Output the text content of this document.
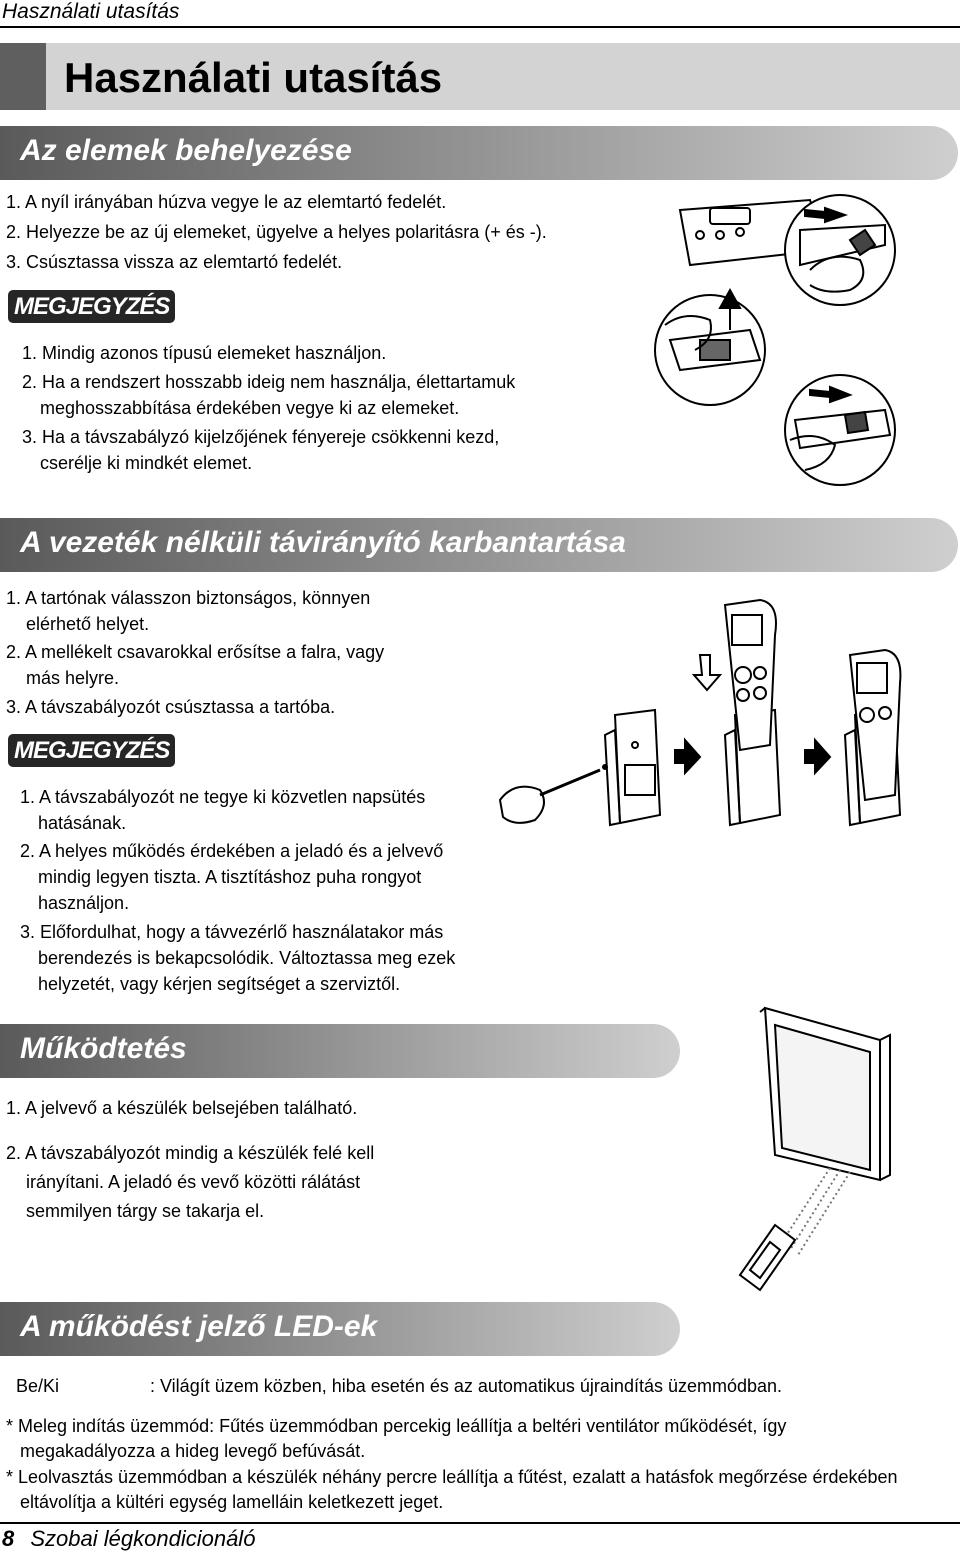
Használati utasítás
Használati utasítás
Az elemek behelyezése
1. A nyíl irányában húzva vegye le az elemtartó fedelét.
2. Helyezze be az új elemeket, ügyelve a helyes polaritásra (+ és -).
3. Csúsztassa vissza az elemtartó fedelét.
MEGJEGYZÉS
1. Mindig azonos típusú elemeket használjon.
2. Ha a rendszert hosszabb ideig nem használja, élettartamuk
meghosszabbítása érdekében vegye ki az elemeket.
3. Ha a távszabályzó kijelzőjének fényereje csökkenni kezd,
cserélje ki mindkét elemet.
A vezeték nélküli távirányító karbantartása
1. A tartónak válasszon biztonságos, könnyen
elérhető helyet.
2. A mellékelt csavarokkal erősítse a falra, vagy
más helyre.
3. A távszabályozót csúsztassa a tartóba.
MEGJEGYZÉS
1. A távszabályozót ne tegye ki közvetlen napsütés
hatásának.
2. A helyes működés érdekében a jeladó és a jelvevő
mindig legyen tiszta. A tisztításhoz puha rongyot
használjon.
3. Előfordulhat, hogy a távvezérlő használatakor más
berendezés is bekapcsolódik. Változtassa meg ezek
helyzetét, vagy kérjen segítséget a szerviztől.
Működtetés
1. A jelvevő a készülék belsejében található.
2. A távszabályozót mindig a készülék felé kell
irányítani. A jeladó és vevő közötti rálátást
semmilyen tárgy se takarja el.
A működést jelző LED-ek
Be/Ki	: Világít üzem közben, hiba esetén és az automatikus újraindítás üzemmódban.
* Meleg indítás üzemmód: Fűtés üzemmódban percekig leállítja a beltéri ventilátor működését, így
megakadályozza a hideg levegő befúvását.
* Leolvasztás üzemmódban a készülék néhány percre leállítja a fűtést, ezalatt a hatásfok megőrzése érdekében
eltávolítja a kültéri egység lamelláin keletkezett jeget.
8 Szobai légkondicionáló
